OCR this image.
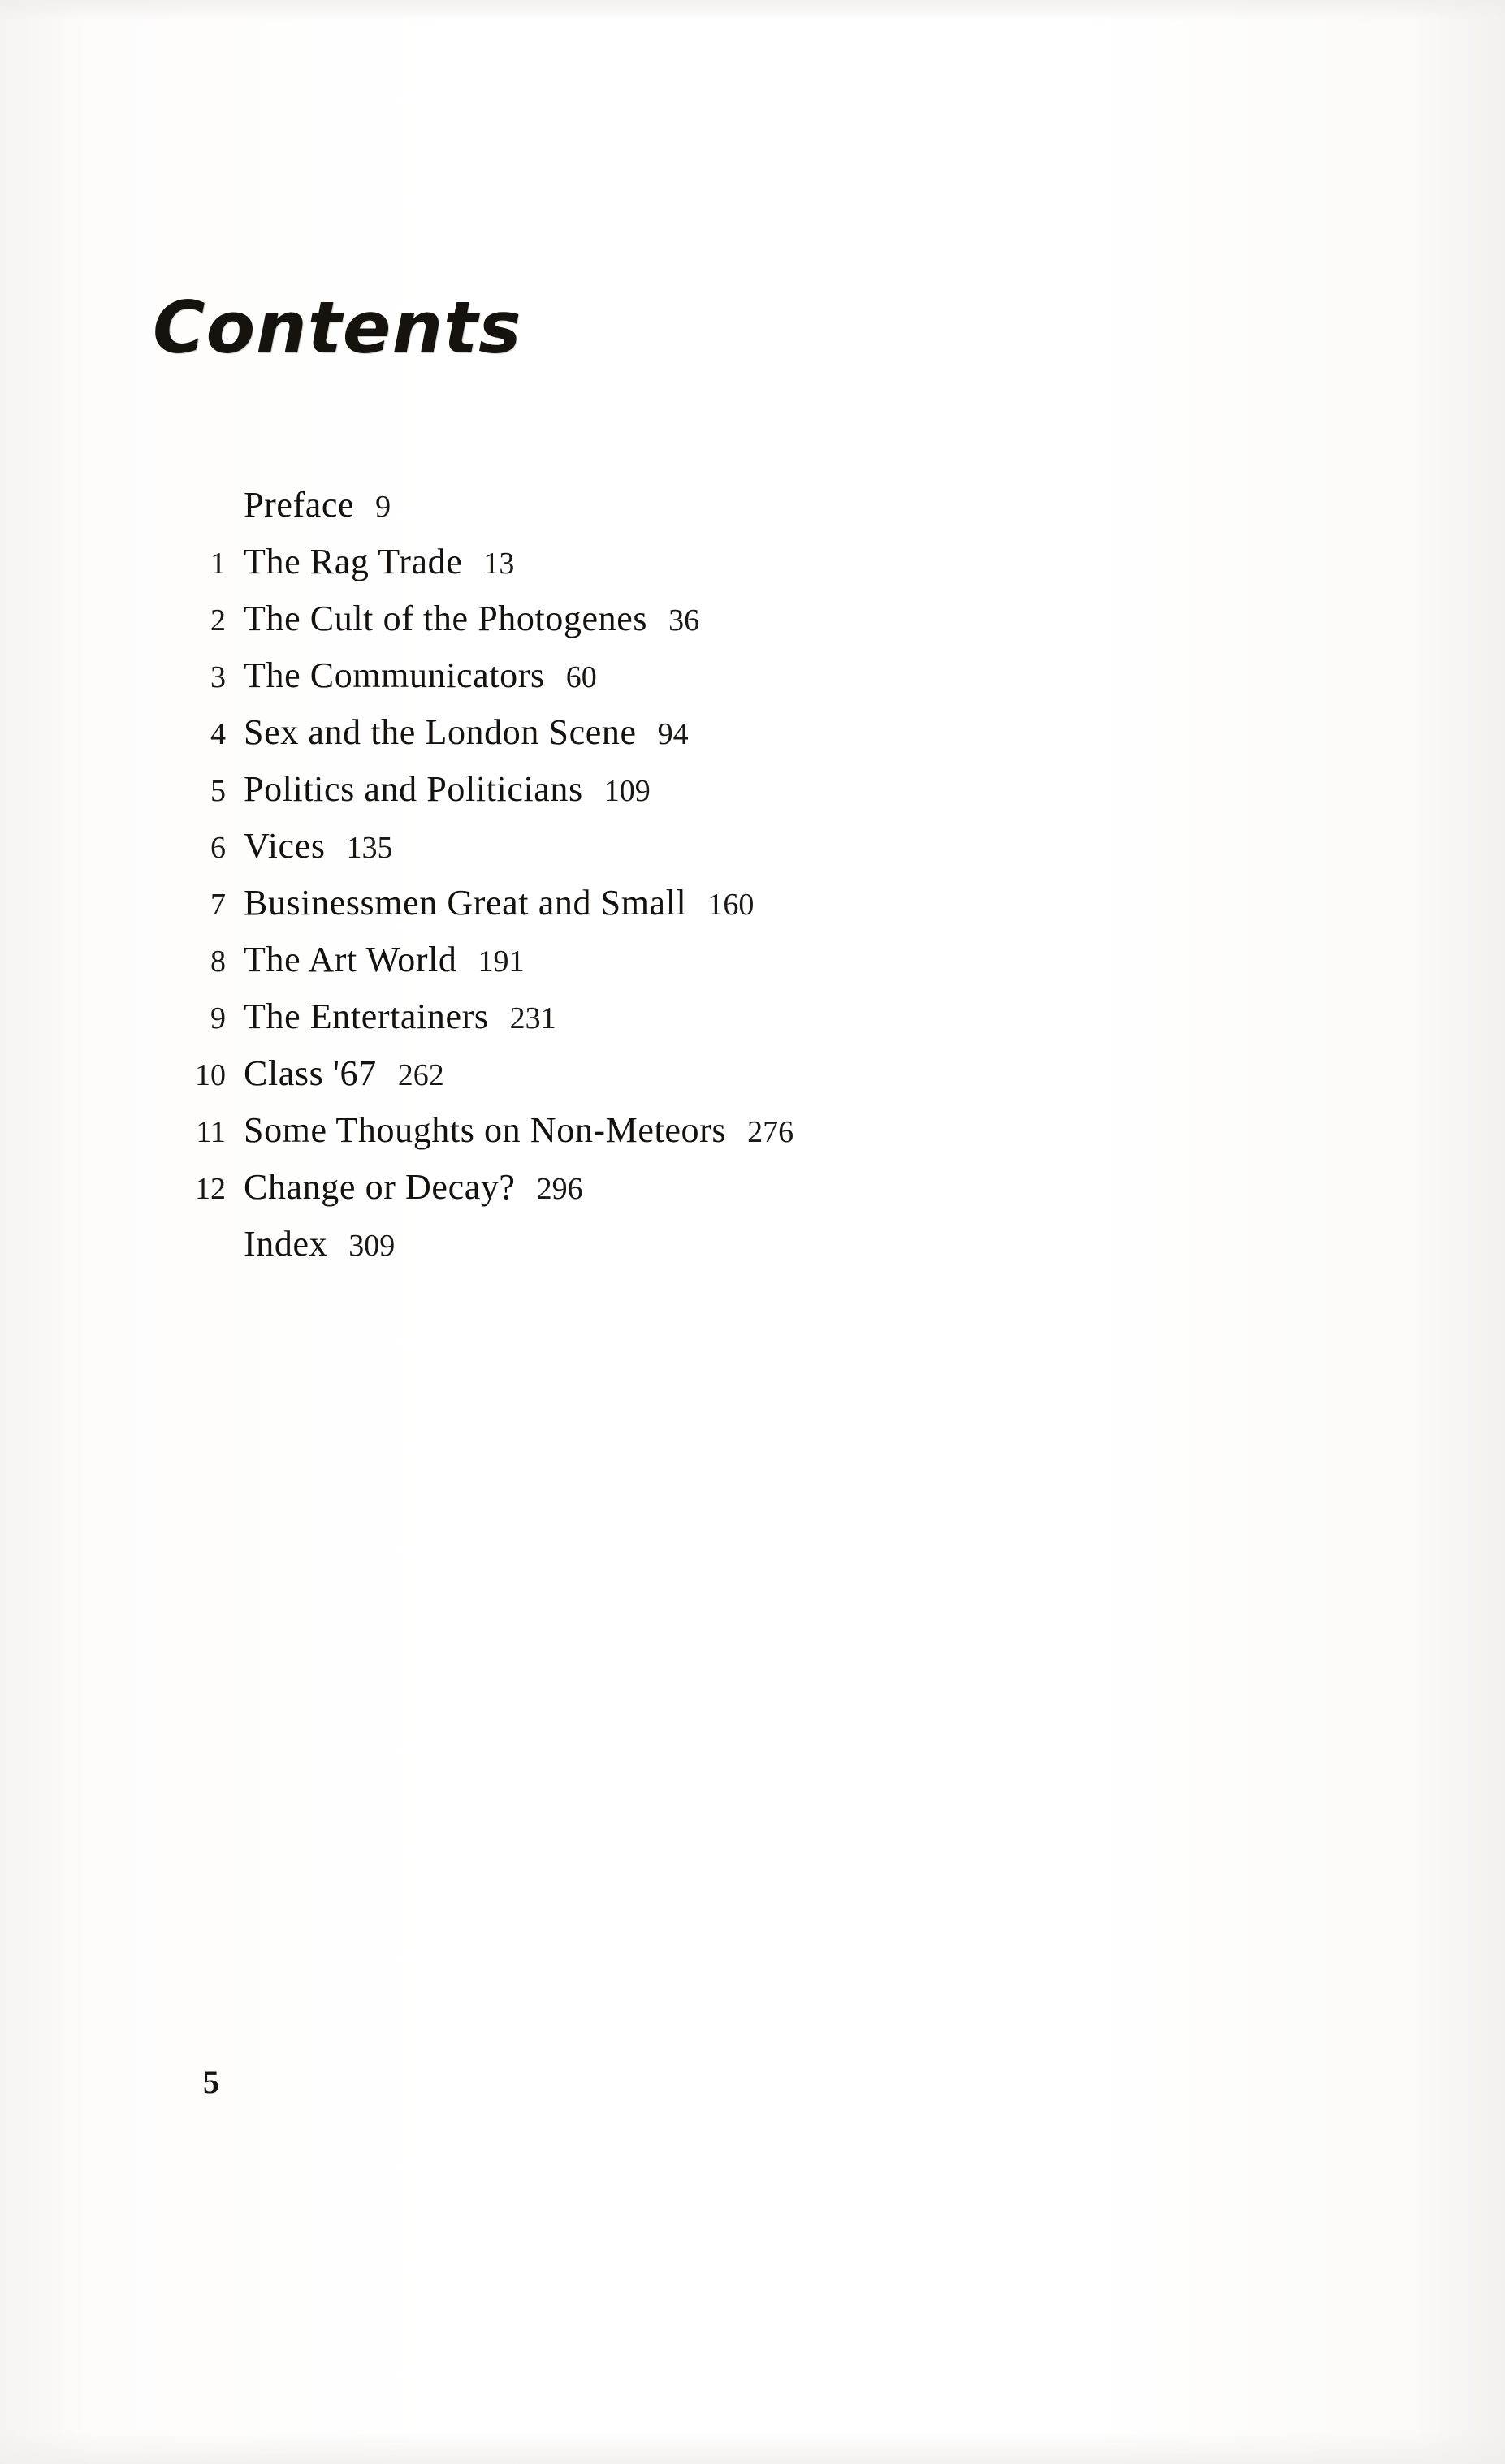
Contents
Preface 9
1 The Rag Trade 13
2 The Cult of the Photogenes 36
3 The Communicators 60
4 Sex and the London Scene 94
5 Politics and Politicians 109
6 Vices 135
7 Businessmen Great and Small 160
8 The Art World 191
9 The Entertainers 231
10 Class '67 262
11 Some Thoughts on Non-Meteors 276
12 Change or Decay? 296
Index 309
5
